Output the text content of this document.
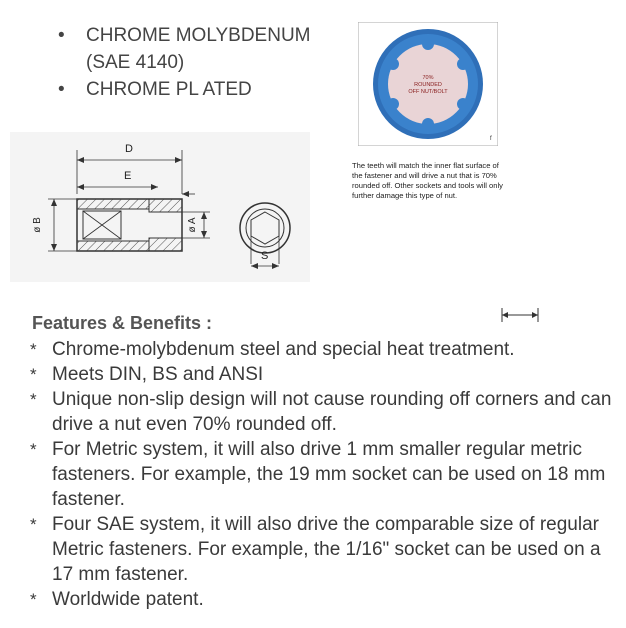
• CHROME MOLYBDENUM
(SAE 4140)
• CHROME PL ATED
D
E
ø B	ø A
S
70%
ROUNDED
OFF NUT/BOLT
f
The teeth will match the inner flat surface of the fastener and will drive a nut that is 70% rounded off. Other sockets and tools will only further damage this type of nut.
Features & Benefits :
* Chrome-molybdenum steel and special heat treatment.
* Meets DIN, BS and ANSI
* Unique non-slip design will not cause rounding off corners and can drive a nut even 70% rounded off.
* For Metric system, it will also drive 1 mm smaller regular metric fasteners. For example, the 19 mm socket can be used on 18 mm fastener.
* Four SAE system, it will also drive the comparable size of regular Metric fasteners. For example, the 1/16" socket can be used on a 17 mm fastener.
* Worldwide patent.
